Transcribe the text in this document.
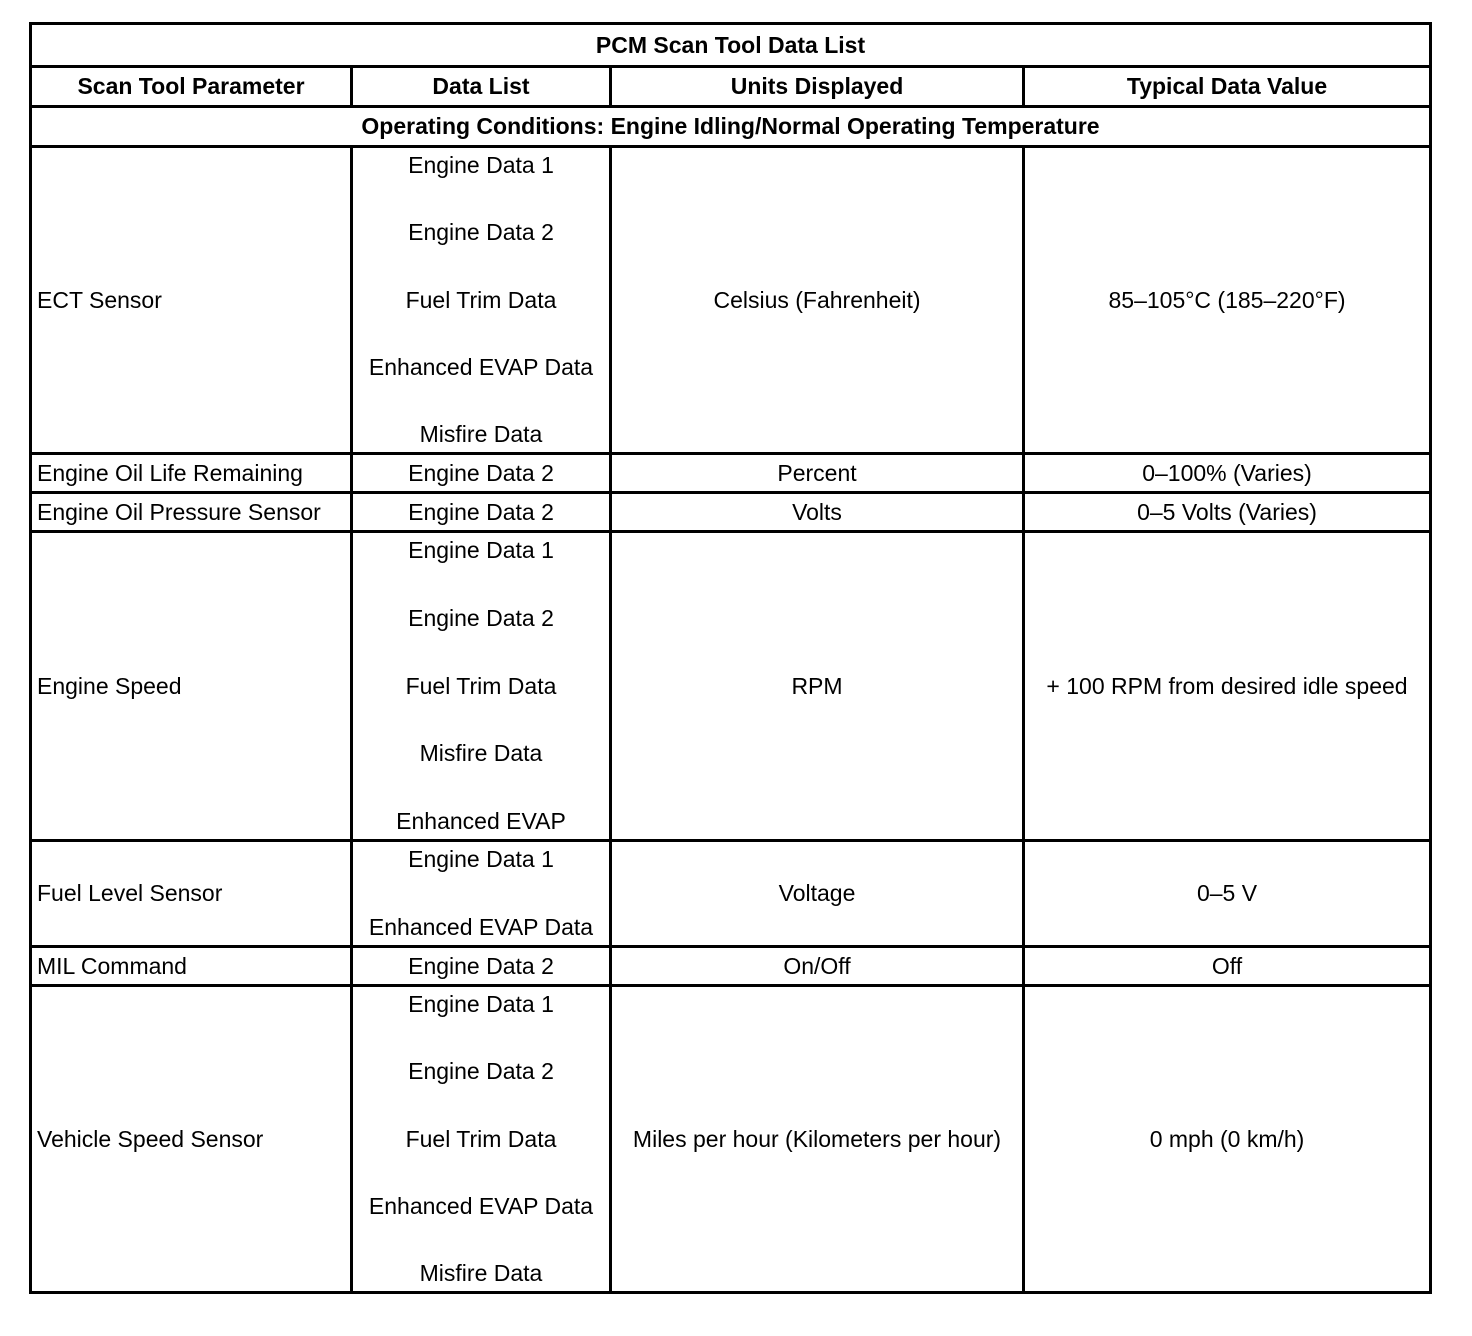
PCM Scan Tool Data List			
Scan Tool Parameter	Data List	Units Displayed	Typical Data Value
Operating Conditions: Engine Idling/Normal Operating Temperature			
ECT Sensor	Engine Data 1
Engine Data 2
Fuel Trim Data
Enhanced EVAP Data
Misfire Data	Celsius (Fahrenheit)	85–105°C (185–220°F)
Engine Oil Life Remaining	Engine Data 2	Percent	0–100% (Varies)
Engine Oil Pressure Sensor	Engine Data 2	Volts	0–5 Volts (Varies)
Engine Speed	Engine Data 1
Engine Data 2
Fuel Trim Data
Misfire Data
Enhanced EVAP	RPM	+ 100 RPM from desired idle speed
Fuel Level Sensor	Engine Data 1
Enhanced EVAP Data	Voltage	0–5 V
MIL Command	Engine Data 2	On/Off	Off
Vehicle Speed Sensor	Engine Data 1
Engine Data 2
Fuel Trim Data
Enhanced EVAP Data
Misfire Data	Miles per hour (Kilometers per hour)	0 mph (0 km/h)
